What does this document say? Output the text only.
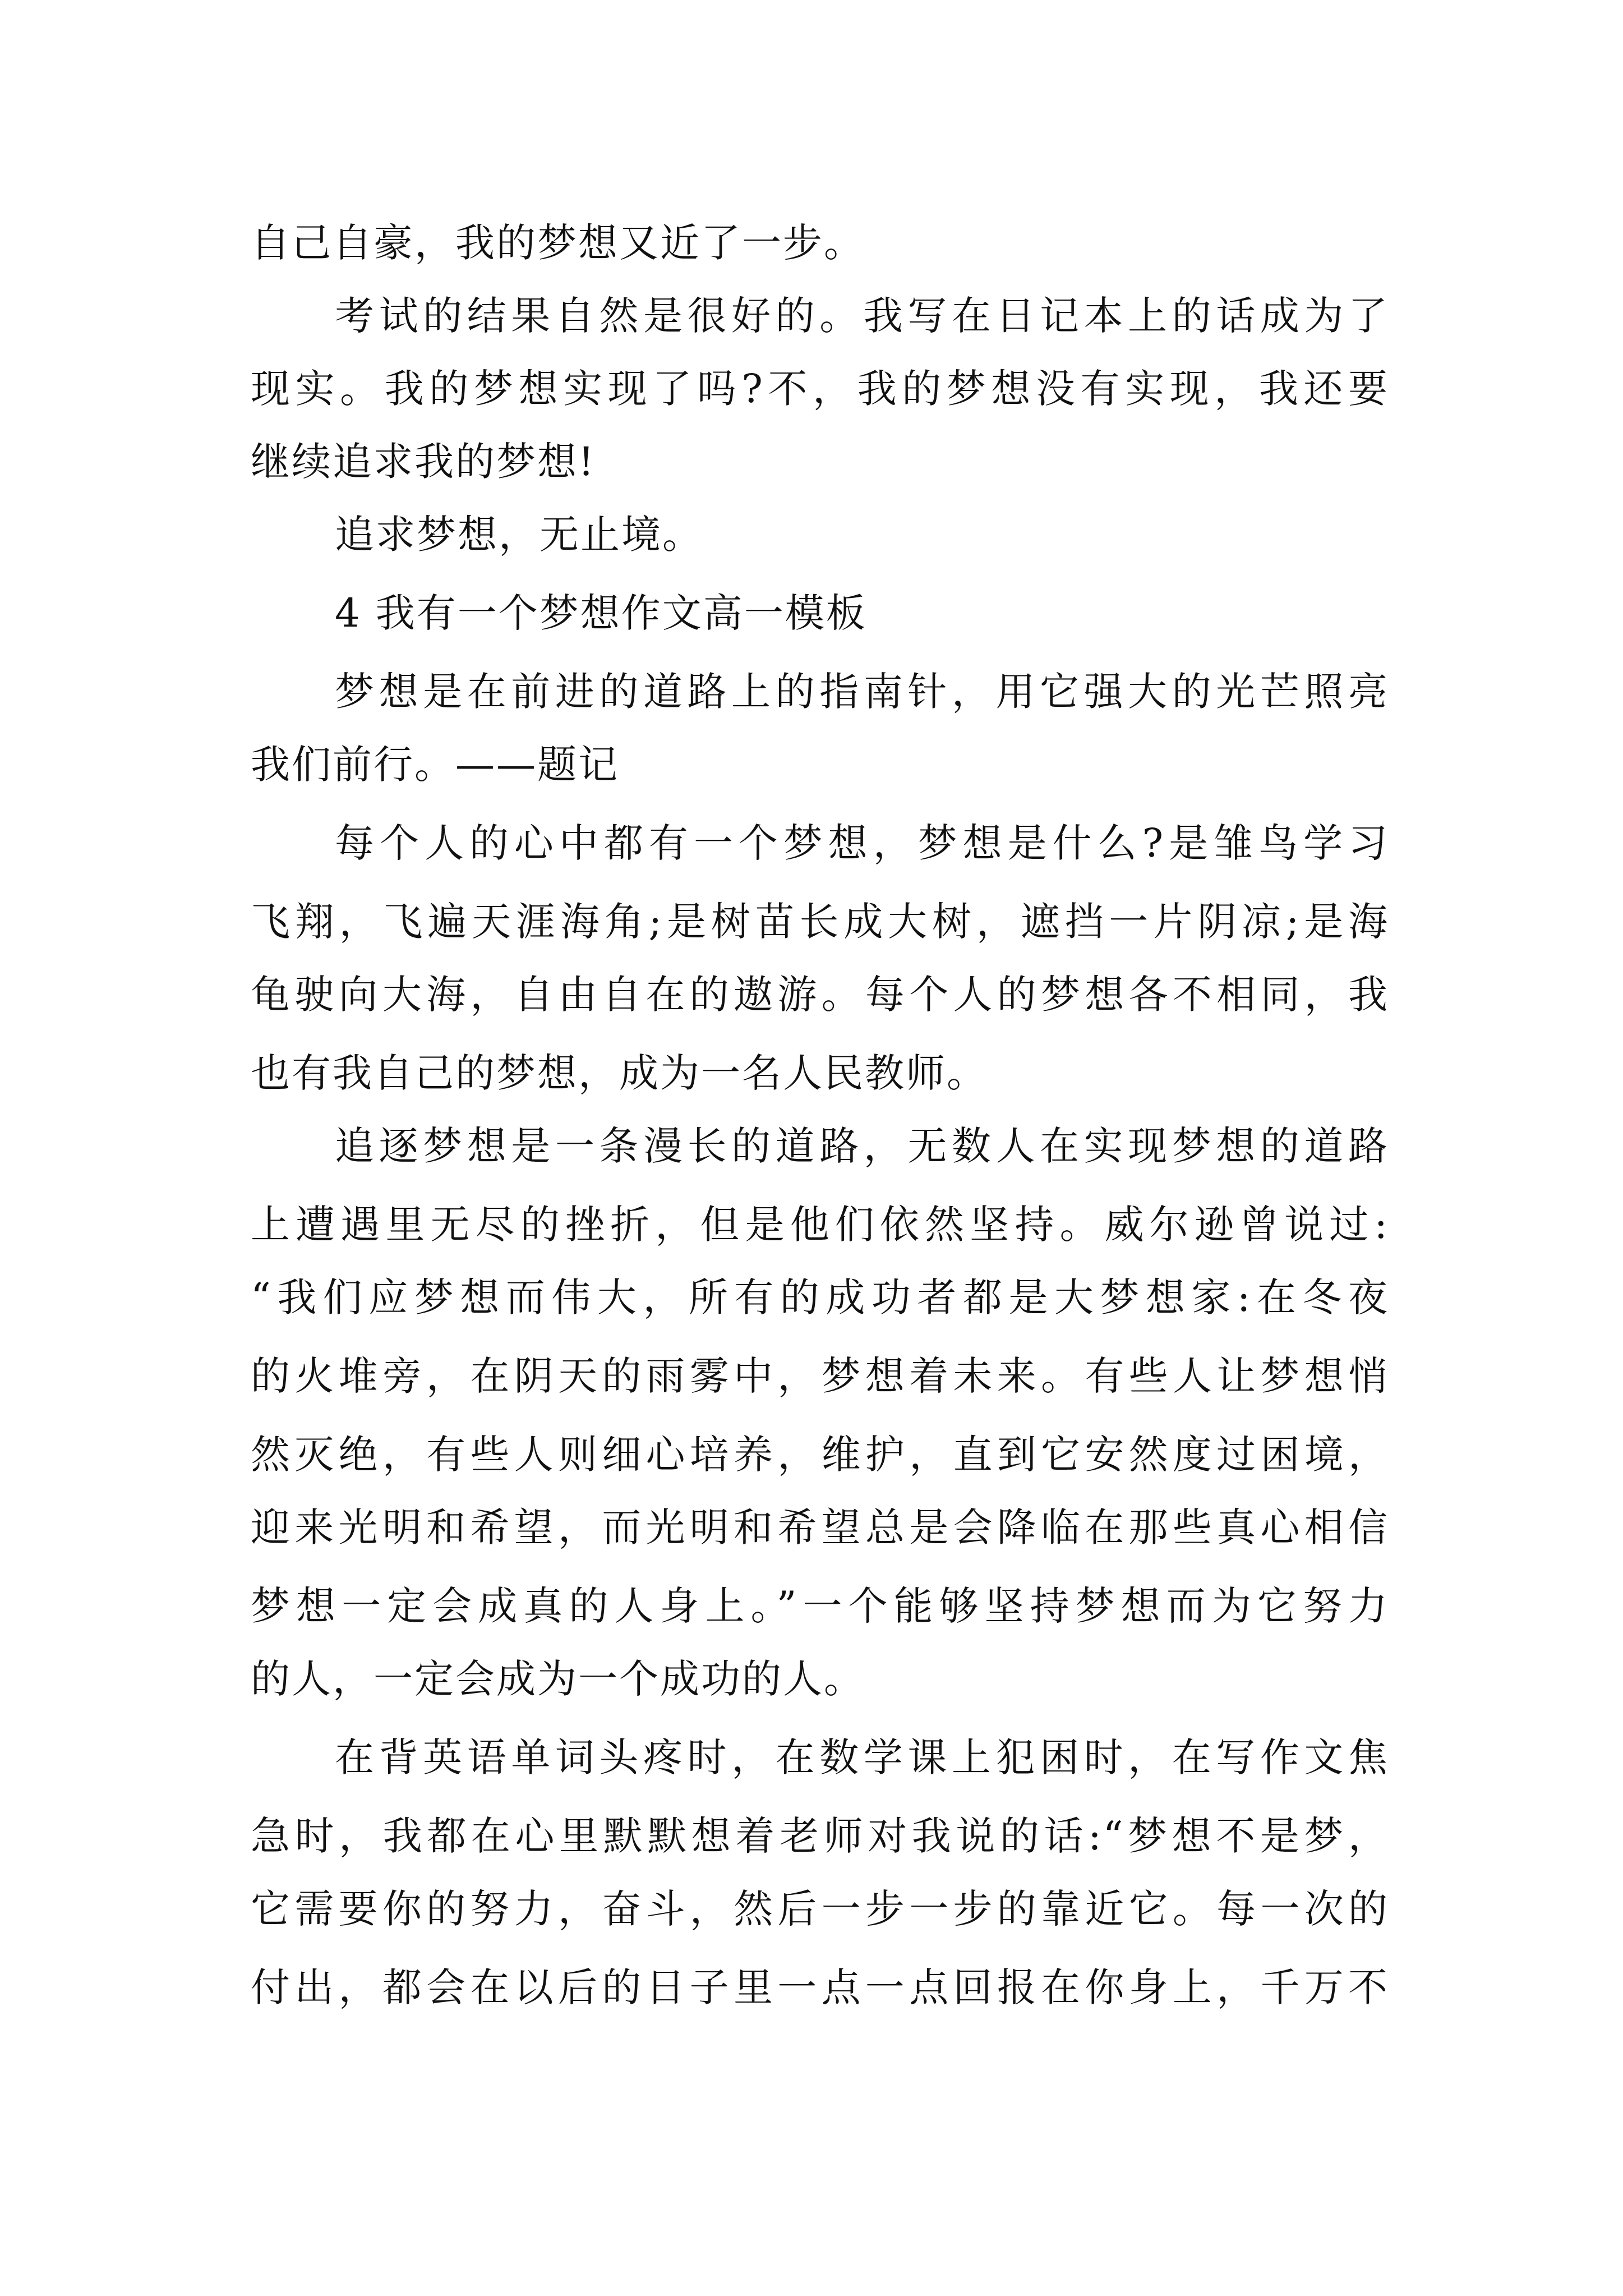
自己自豪，我的梦想又近了一步。
考试的结果自然是很好的。我写在日记本上的话成为了
现实。我的梦想实现了吗?不，我的梦想没有实现，我还要
继续追求我的梦想!
追求梦想，无止境。
4 我有一个梦想作文高一模板
梦想是在前进的道路上的指南针，用它强大的光芒照亮
我们前行。——题记
每个人的心中都有一个梦想，梦想是什么?是雏鸟学习
飞翔，飞遍天涯海角;是树苗长成大树，遮挡一片阴凉;是海
龟驶向大海，自由自在的遨游。每个人的梦想各不相同，我
也有我自己的梦想，成为一名人民教师。
追逐梦想是一条漫长的道路，无数人在实现梦想的道路
上遭遇里无尽的挫折，但是他们依然坚持。威尔逊曾说过:
“我们应梦想而伟大，所有的成功者都是大梦想家:在冬夜
的火堆旁，在阴天的雨雾中，梦想着未来。有些人让梦想悄
然灭绝，有些人则细心培养，维护，直到它安然度过困境，
迎来光明和希望，而光明和希望总是会降临在那些真心相信
梦想一定会成真的人身上。”一个能够坚持梦想而为它努力
的人，一定会成为一个成功的人。
在背英语单词头疼时，在数学课上犯困时，在写作文焦
急时，我都在心里默默想着老师对我说的话:“梦想不是梦，
它需要你的努力，奋斗，然后一步一步的靠近它。每一次的
付出，都会在以后的日子里一点一点回报在你身上，千万不
